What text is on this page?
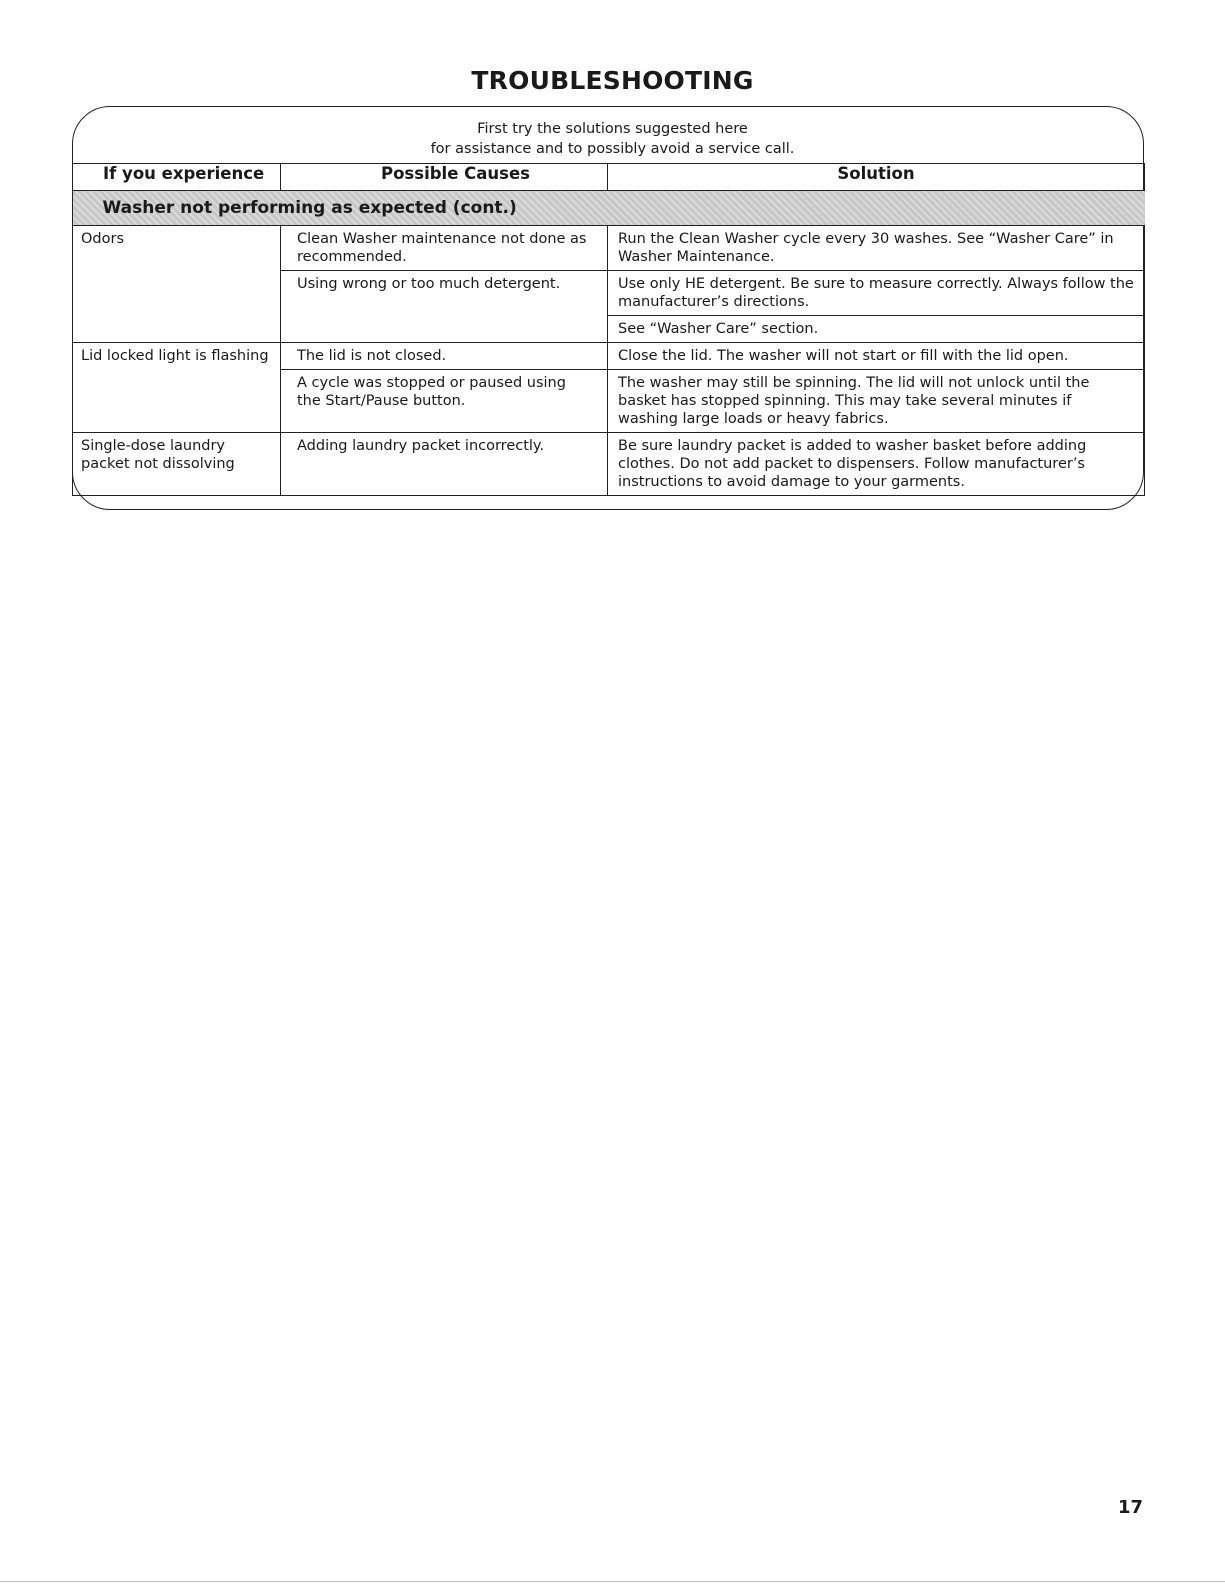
TROUBLESHOOTING
First try the solutions suggested here
for assistance and to possibly avoid a service call.
If you experience	Possible Causes	Solution
Washer not performing as expected (cont.)		
Odors	Clean Washer maintenance not done as recommended.	Run the Clean Washer cycle every 30 washes. See “Washer Care” in Washer Maintenance.
	Using wrong or too much detergent.	Use only HE detergent. Be sure to measure correctly. Always follow the manufacturer’s directions.
		See “Washer Care” section.
Lid locked light is flashing	The lid is not closed.	Close the lid. The washer will not start or fill with the lid open.
	A cycle was stopped or paused using the Start/Pause button.	The washer may still be spinning. The lid will not unlock until the basket has stopped spinning. This may take several minutes if washing large loads or heavy fabrics.
Single-dose laundry packet not dissolving	Adding laundry packet incorrectly.	Be sure laundry packet is added to washer basket before adding clothes. Do not add packet to dispensers. Follow manufacturer’s instructions to avoid damage to your garments.
17
